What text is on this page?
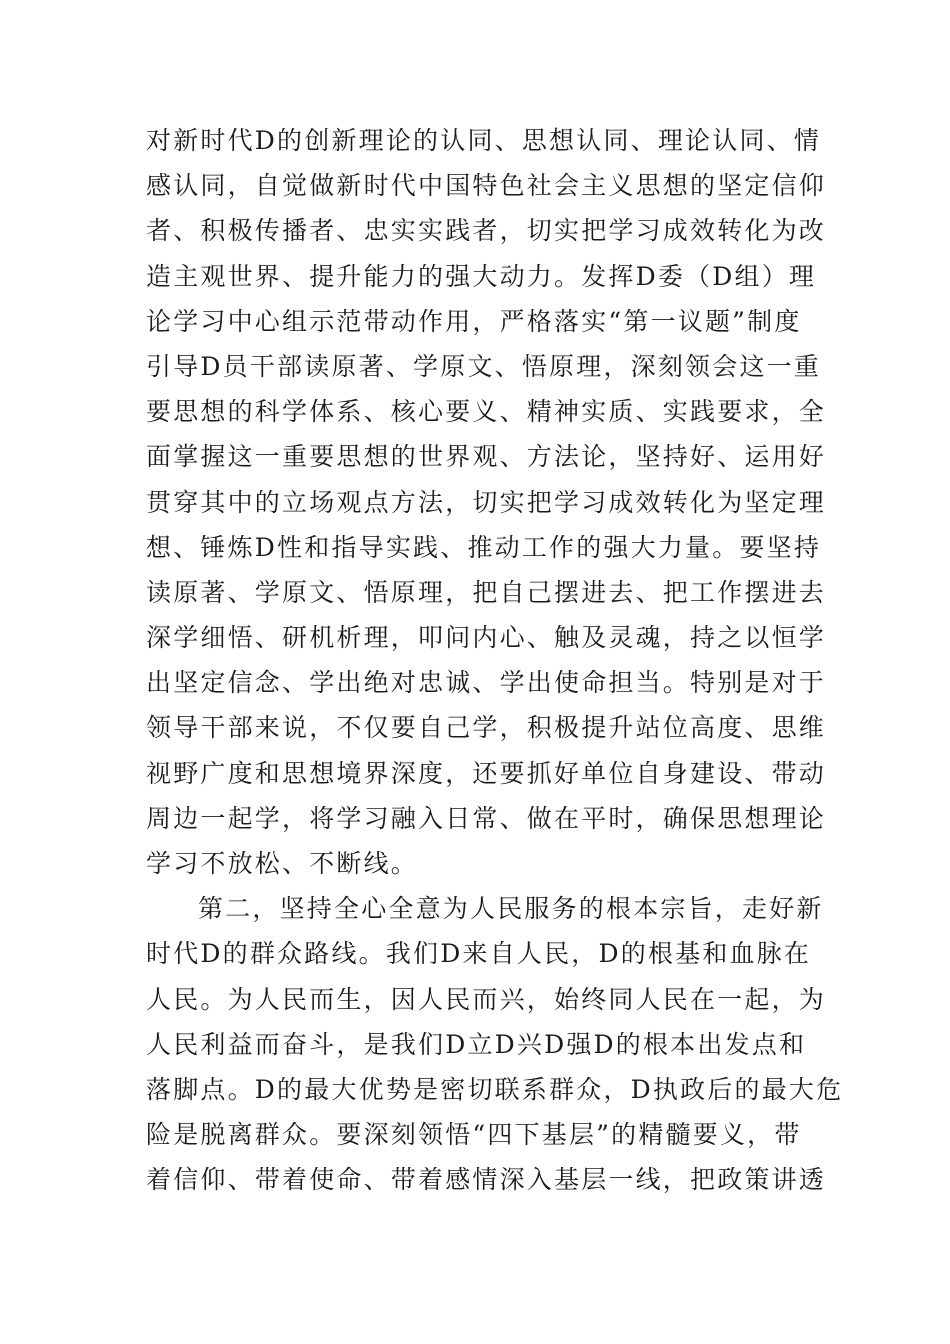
对新时代D的创新理论的认同、思想认同、理论认同、情
感认同，自觉做新时代中国特色社会主义思想的坚定信仰
者、积极传播者、忠实实践者，切实把学习成效转化为改
造主观世界、提升能力的强大动力。发挥D委（D组）理
论学习中心组示范带动作用，严格落实“第一议题”制度
引导D员干部读原著、学原文、悟原理，深刻领会这一重
要思想的科学体系、核心要义、精神实质、实践要求，全
面掌握这一重要思想的世界观、方法论，坚持好、运用好
贯穿其中的立场观点方法，切实把学习成效转化为坚定理
想、锤炼D性和指导实践、推动工作的强大力量。要坚持
读原著、学原文、悟原理，把自己摆进去、把工作摆进去
深学细悟、研机析理，叩问内心、触及灵魂，持之以恒学
出坚定信念、学出绝对忠诚、学出使命担当。特别是对于
领导干部来说，不仅要自己学，积极提升站位高度、思维
视野广度和思想境界深度，还要抓好单位自身建设、带动
周边一起学，将学习融入日常、做在平时，确保思想理论
学习不放松、不断线。
第二，坚持全心全意为人民服务的根本宗旨，走好新
时代D的群众路线。我们D来自人民，D的根基和血脉在
人民。为人民而生，因人民而兴，始终同人民在一起，为
人民利益而奋斗，是我们D立D兴D强D的根本出发点和
落脚点。D的最大优势是密切联系群众，D执政后的最大危
险是脱离群众。要深刻领悟“四下基层”的精髓要义，带
着信仰、带着使命、带着感情深入基层一线，把政策讲透
